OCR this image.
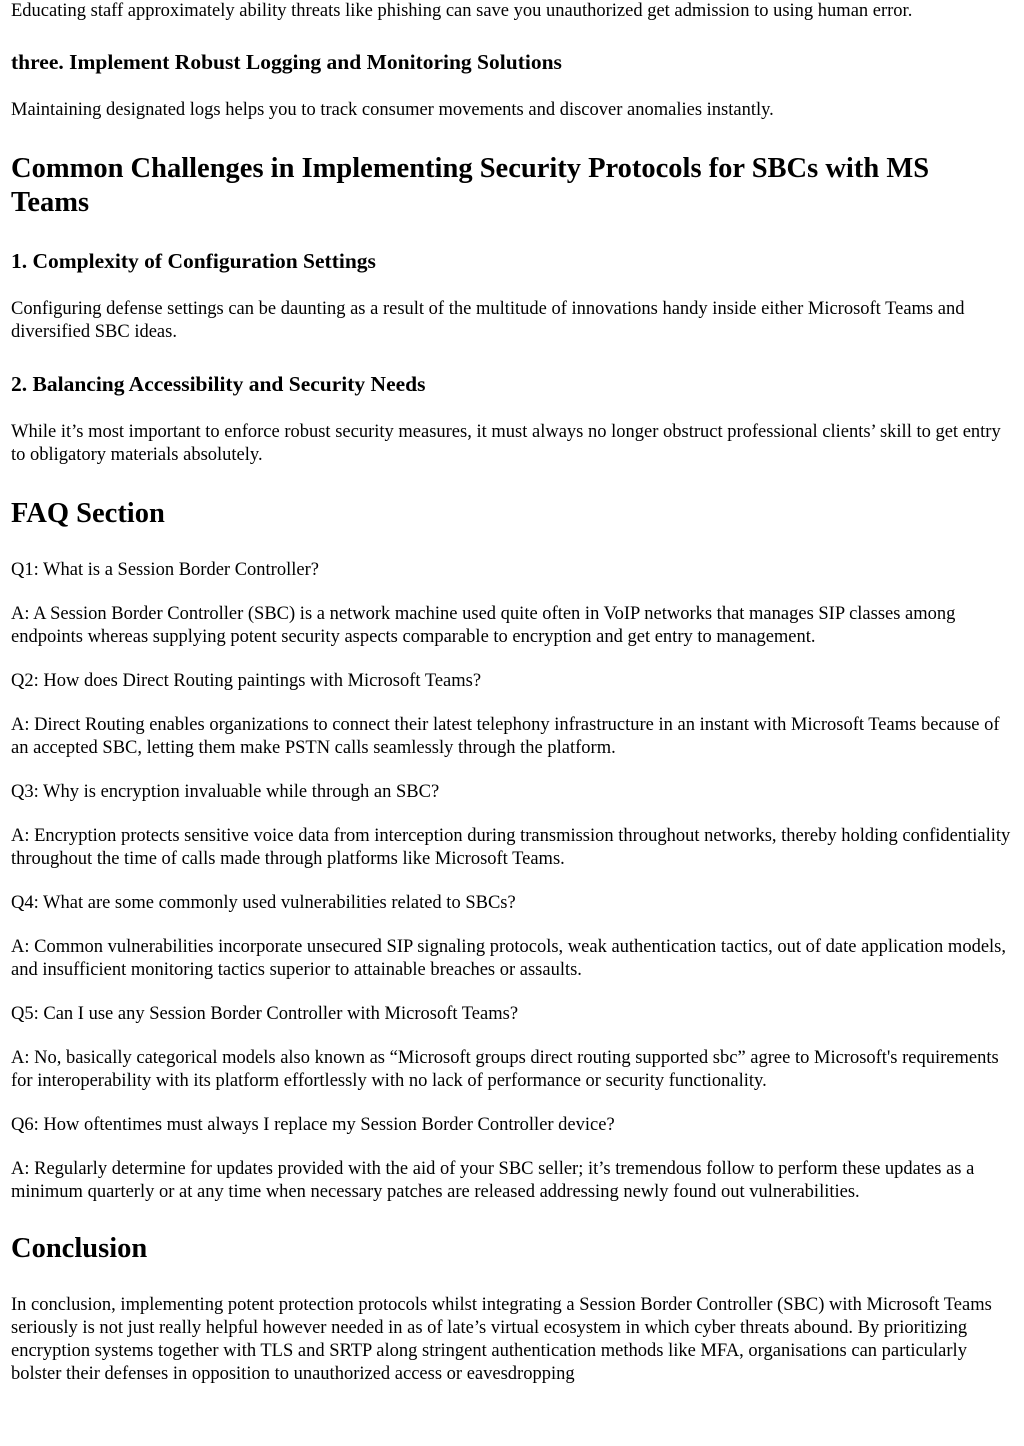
Educating staff approximately ability threats like phishing can save you unauthorized get admission to using human error.

three. Implement Robust Logging and Monitoring Solutions

Maintaining designated logs helps you to track consumer movements and discover anomalies instantly.

Common Challenges in Implementing Security Protocols for SBCs with MS Teams
1. Complexity of Configuration Settings

Configuring defense settings can be daunting as a result of the multitude of innovations handy inside either Microsoft Teams and diversified SBC ideas.

2. Balancing Accessibility and Security Needs

While it’s most important to enforce robust security measures, it must always no longer obstruct professional clients’ skill to get entry to obligatory materials absolutely.

FAQ Section

Q1: What is a Session Border Controller?

A: A Session Border Controller (SBC) is a network machine used quite often in VoIP networks that manages SIP classes among endpoints whereas supplying potent security aspects comparable to encryption and get entry to management.

Q2: How does Direct Routing paintings with Microsoft Teams?

A: Direct Routing enables organizations to connect their latest telephony infrastructure in an instant with Microsoft Teams because of an accepted SBC, letting them make PSTN calls seamlessly through the platform.

Q3: Why is encryption invaluable while through an SBC?

A: Encryption protects sensitive voice data from interception during transmission throughout networks, thereby holding confidentiality throughout the time of calls made through platforms like Microsoft Teams.

Q4: What are some commonly used vulnerabilities related to SBCs?

A: Common vulnerabilities incorporate unsecured SIP signaling protocols, weak authentication tactics, out of date application models, and insufficient monitoring tactics superior to attainable breaches or assaults.

Q5: Can I use any Session Border Controller with Microsoft Teams?

A: No, basically categorical models also known as “Microsoft groups direct routing supported sbc” agree to Microsoft's requirements for interoperability with its platform effortlessly with no lack of performance or security functionality.

Q6: How oftentimes must always I replace my Session Border Controller device?

A: Regularly determine for updates provided with the aid of your SBC seller; it’s tremendous follow to perform these updates as a minimum quarterly or at any time when necessary patches are released addressing newly found out vulnerabilities.

Conclusion

In conclusion, implementing potent protection protocols whilst integrating a Session Border Controller (SBC) with Microsoft Teams seriously is not just really helpful however needed in as of late’s virtual ecosystem in which cyber threats abound. By prioritizing encryption systems together with TLS and SRTP along stringent authentication methods like MFA, organisations can particularly bolster their defenses in opposition to unauthorized access or eavesdropping
